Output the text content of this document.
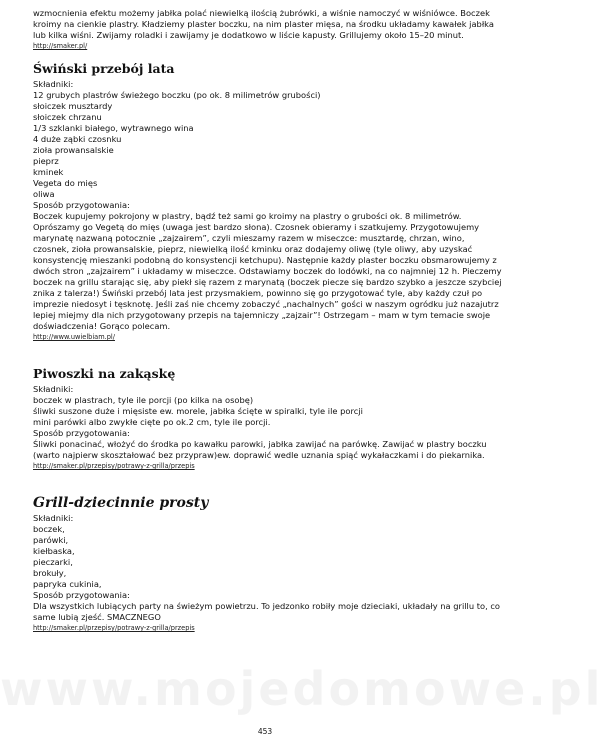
www.mojedomowe.pl

wzmocnienia efektu możemy jabłka polać niewielką ilością żubrówki, a wiśnie namoczyć w wiśniówce. Boczek kroimy na cienkie plastry. Kładziemy plaster boczku, na nim plaster mięsa, na środku układamy kawałek jabłka lub kilka wiśni. Zwijamy roladki i zawijamy je dodatkowo w liście kapusty. Grillujemy około 15–20 minut.

http://smaker.pl/
Świński przebój lata
Składniki:
12 grubych plastrów świeżego boczku (po ok. 8 milimetrów grubości)
słoiczek musztardy
słoiczek chrzanu
1/3 szklanki białego, wytrawnego wina
4 duże ząbki czosnku
zioła prowansalskie
pieprz
kminek
Vegeta do mięs
oliwa
Sposób przygotowania:

Boczek kupujemy pokrojony w plastry, bądź też sami go kroimy na plastry o grubości ok. 8 milimetrów. Oprószamy go Vegetą do mięs (uwaga jest bardzo słona). Czosnek obieramy i szatkujemy. Przygotowujemy marynatę nazwaną potocznie „zajzairem”, czyli mieszamy razem w miseczce: musztardę, chrzan, wino, czosnek, zioła prowansalskie, pieprz, niewielką ilość kminku oraz dodajemy oliwę (tyle oliwy, aby uzyskać konsystencję mieszanki podobną do konsystencji ketchupu). Następnie każdy plaster boczku obsmarowujemy z dwóch stron „zajzairem” i układamy w miseczce. Odstawiamy boczek do lodówki, na co najmniej 12 h. Pieczemy boczek na grillu starając się, aby piekł się razem z marynatą (boczek piecze się bardzo szybko a jeszcze szybciej znika z talerza!) Świński przebój lata jest przysmakiem, powinno się go przygotować tyle, aby każdy czuł po imprezie niedosyt i tęsknotę. Jeśli zaś nie chcemy zobaczyć „nachalnych” gości w naszym ogródku już nazajutrz lepiej miejmy dla nich przygotowany przepis na tajemniczy „zajzair”! Ostrzegam – mam w tym temacie swoje doświadczenia! Gorąco polecam.

http://www.uwielbiam.pl/
Piwoszki na zakąskę
Składniki:
boczek w plastrach, tyle ile porcji (po kilka na osobę)
śliwki suszone duże i mięsiste ew. morele, jabłka ścięte w spiralki, tyle ile porcji
mini parówki albo zwykłe cięte po ok.2 cm, tyle ile porcji.
Sposób przygotowania:

Śliwki ponacinać, włożyć do środka po kawałku parowki, jabłka zawijać na parówkę. Zawijać w plastry boczku (warto najpierw skoształować bez przypraw)ew. doprawić wedle uznania spiąć wykałaczkami i do piekarnika.

http://smaker.pl/przepisy/potrawy-z-grilla/przepis
Grill-dziecinnie prosty
Składniki:
boczek,
parówki,
kiełbaska,
pieczarki,
brokuły,
papryka cukinia,
Sposób przygotowania:

Dla wszystkich lubiących party na świeżym powietrzu. To jedzonko robiły moje dzieciaki, układały na grillu to, co same lubią zjeść. SMACZNEGO

http://smaker.pl/przepisy/potrawy-z-grilla/przepis
453
